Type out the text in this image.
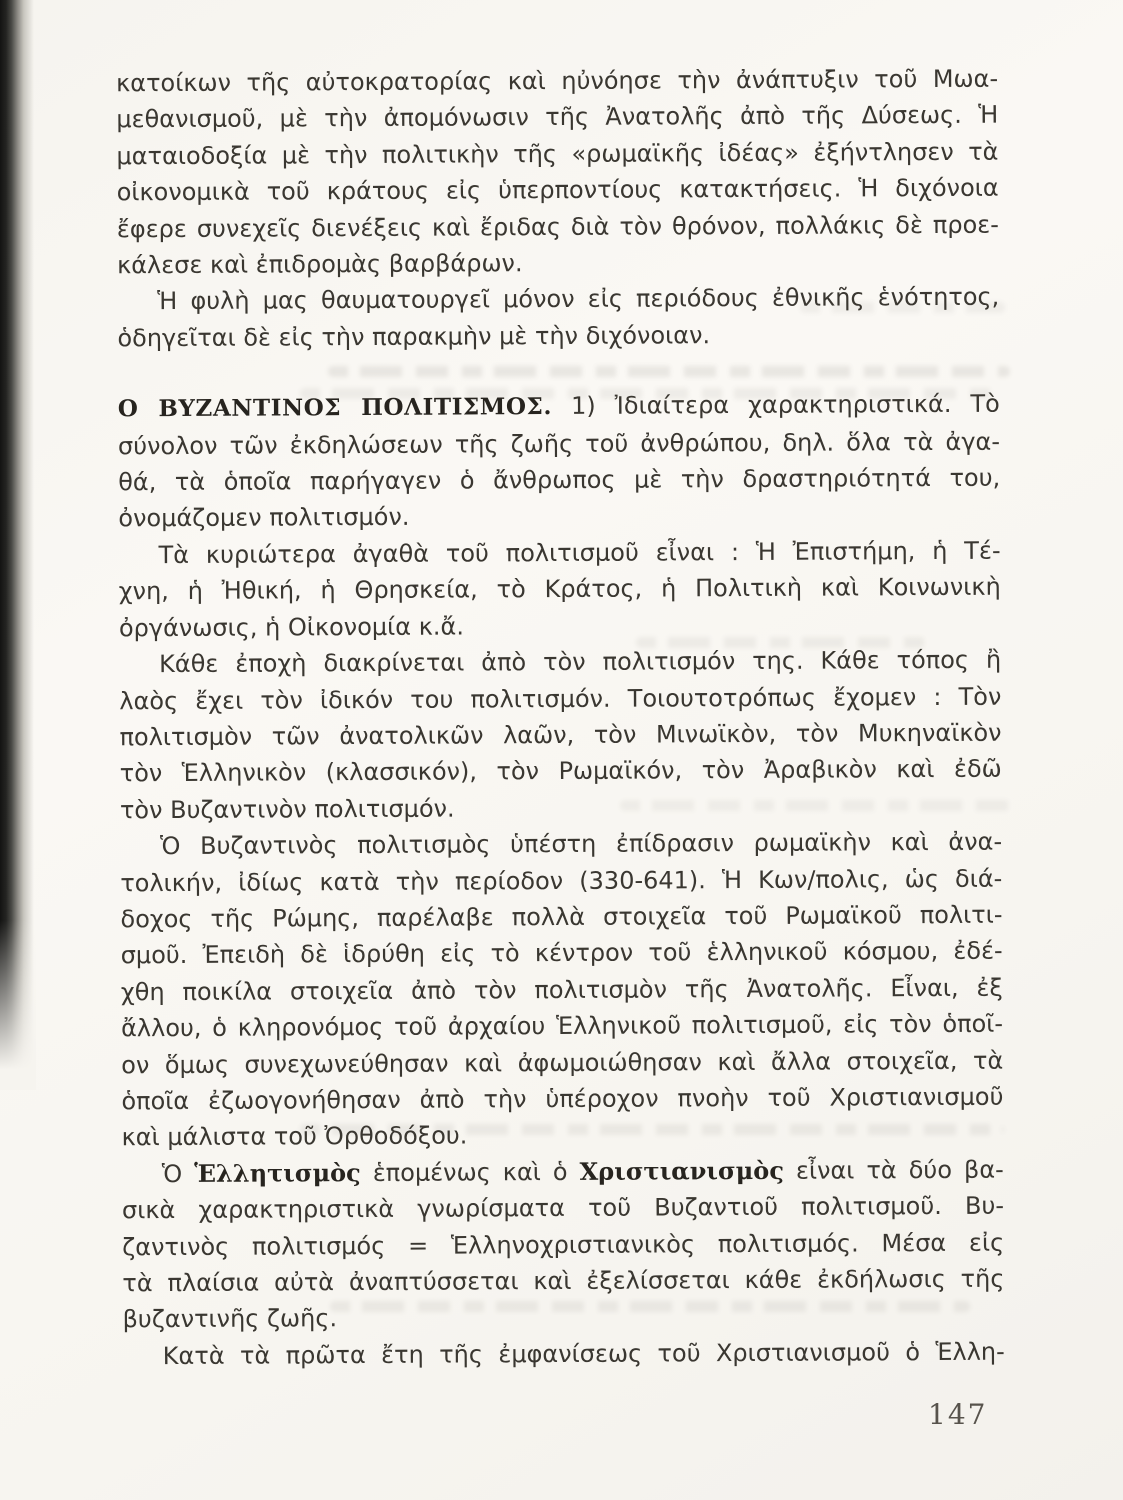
κατοίκων τῆς αὐτοκρατορίας καὶ ηὐνόησε τὴν ἀνάπτυξιν τοῦ Μωα-
μεθανισμοῦ, μὲ τὴν ἀπομόνωσιν τῆς Ἀνατολῆς ἀπὸ τῆς Δύσεως. Ἡ
ματαιοδοξία μὲ τὴν πολιτικὴν τῆς «ρωμαϊκῆς ἰδέας» ἐξήντλησεν τὰ
οἰκονομικὰ τοῦ κράτους εἰς ὑπερποντίους κατακτήσεις. Ἡ διχόνοια
ἔφερε συνεχεῖς διενέξεις καὶ ἔριδας διὰ τὸν θρόνον, πολλάκις δὲ προε-
κάλεσε καὶ ἐπιδρομὰς βαρβάρων.
Ἡ φυλὴ μας θαυματουργεῖ μόνον εἰς περιόδους ἐθνικῆς ἑνότητος,
ὁδηγεῖται δὲ εἰς τὴν παρακμὴν μὲ τὴν διχόνοιαν.
Ο ΒΥΖΑΝΤΙΝΟΣ ΠΟΛΙΤΙΣΜΟΣ. 1) Ἰδιαίτερα χαρακτηριστικά. Τὸ
σύνολον τῶν ἐκδηλώσεων τῆς ζωῆς τοῦ ἀνθρώπου, δηλ. ὅλα τὰ ἀγα-
θά, τὰ ὁποῖα παρήγαγεν ὁ ἄνθρωπος μὲ τὴν δραστηριότητά του,
ὀνομάζομεν πολιτισμόν.
Τὰ κυριώτερα ἀγαθὰ τοῦ πολιτισμοῦ εἶναι : Ἡ Ἐπιστήμη, ἡ Τέ-
χνη, ἡ Ἠθική, ἡ Θρησκεία, τὸ Κράτος, ἡ Πολιτικὴ καὶ Κοινωνικὴ
ὀργάνωσις, ἡ Οἰκονομία κ.ἄ.
Κάθε ἐποχὴ διακρίνεται ἀπὸ τὸν πολιτισμόν της. Κάθε τόπος ἢ
λαὸς ἔχει τὸν ἰδικόν του πολιτισμόν. Τοιουτοτρόπως ἔχομεν : Τὸν
πολιτισμὸν τῶν ἀνατολικῶν λαῶν, τὸν Μινωϊκὸν, τὸν Μυκηναϊκὸν
τὸν Ἑλληνικὸν (κλασσικόν), τὸν Ρωμαϊκόν, τὸν Ἀραβικὸν καὶ ἐδῶ
τὸν Βυζαντινὸν πολιτισμόν.
Ὁ Βυζαντινὸς πολιτισμὸς ὑπέστη ἐπίδρασιν ρωμαϊκὴν καὶ ἀνα-
τολικήν, ἰδίως κατὰ τὴν περίοδον (330-641). Ἡ Κων/πολις, ὡς διά-
δοχος τῆς Ρώμης, παρέλαβε πολλὰ στοιχεῖα τοῦ Ρωμαϊκοῦ πολιτι-
σμοῦ. Ἐπειδὴ δὲ ἱδρύθη εἰς τὸ κέντρον τοῦ ἑλληνικοῦ κόσμου, ἐδέ-
χθη ποικίλα στοιχεῖα ἀπὸ τὸν πολιτισμὸν τῆς Ἀνατολῆς. Εἶναι, ἐξ
ἄλλου, ὁ κληρονόμος τοῦ ἀρχαίου Ἑλληνικοῦ πολιτισμοῦ, εἰς τὸν ὁποῖ-
ον ὅμως συνεχωνεύθησαν καὶ ἀφωμοιώθησαν καὶ ἄλλα στοιχεῖα, τὰ
ὁποῖα ἐζωογονήθησαν ἀπὸ τὴν ὑπέροχον πνοὴν τοῦ Χριστιανισμοῦ
καὶ μάλιστα τοῦ Ὀρθοδόξου.
Ὁ Ἑλλητισμὸς ἑπομένως καὶ ὁ Χριστιανισμὸς εἶναι τὰ δύο βα-
σικὰ χαρακτηριστικὰ γνωρίσματα τοῦ Βυζαντιοῦ πολιτισμοῦ. Βυ-
ζαντινὸς πολιτισμός = Ἑλληνοχριστιανικὸς πολιτισμός. Μέσα εἰς
τὰ πλαίσια αὐτὰ ἀναπτύσσεται καὶ ἐξελίσσεται κάθε ἐκδήλωσις τῆς
βυζαντινῆς ζωῆς.
Κατὰ τὰ πρῶτα ἔτη τῆς ἐμφανίσεως τοῦ Χριστιανισμοῦ ὁ Ἑλλη-
147
